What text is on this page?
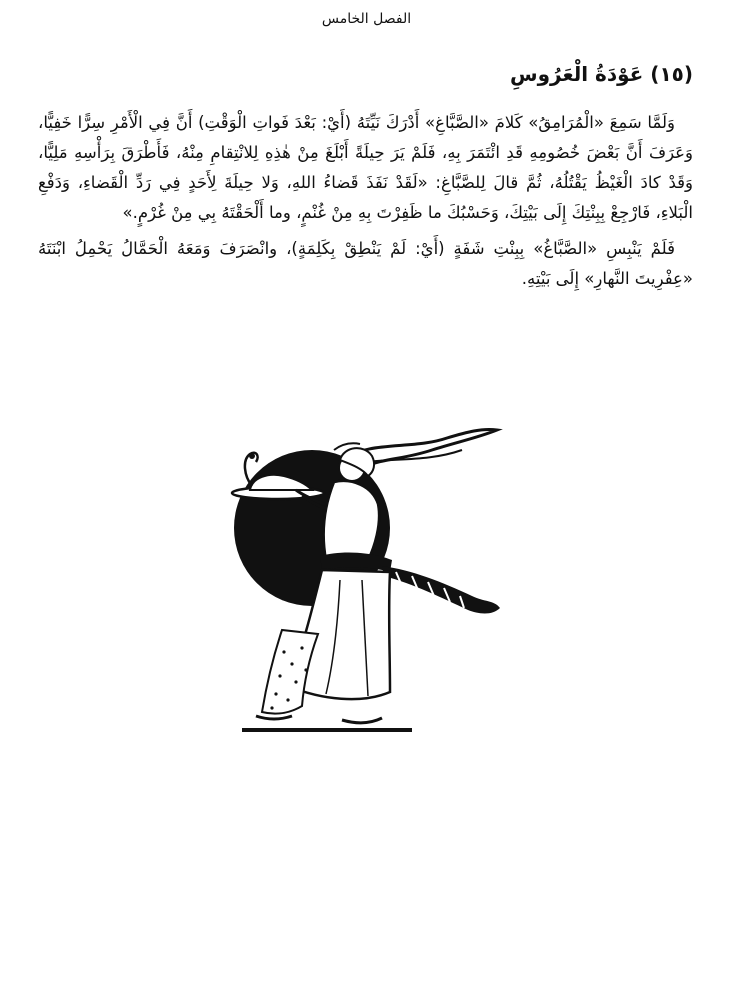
الفصل الخامس
(١٥) عَوْدَةُ الْعَرُوسِ

وَلَمَّا سَمِعَ «الْمُرَامِقُ» كَلامَ «الصَّبَّاغِ» أَدْرَكَ نَيِّتَهُ (أَيْ: بَعْدَ فَواتِ الْوَقْتِ) أَنَّ فِي الْأَمْرِ سِرًّا خَفِيًّا، وَعَرَفَ أَنَّ بَعْضَ خُصُومِهِ قَدِ ائْتَمَرَ بِهِ، فَلَمْ يَرَ حِيلَةً أَبْلَغَ مِنْ هٰذِهِ لِلانْتِقامِ مِنْهُ، فَأَطْرَقَ بِرَأْسِهِ مَلِيًّا، وَقَدْ كادَ الْغَيْظُ يَقْتُلُهُ، ثُمَّ قالَ لِلصَّبَّاغِ: «لَقَدْ نَفَذَ قَضاءُ اللهِ، وَلا حِيلَةَ لِأَحَدٍ فِي رَدِّ الْقَضاءِ، وَدَفْعِ الْبَلاءِ، فَارْجِعْ بِبِنْتِكَ إِلَى بَيْتِكَ، وَحَسْبُكَ ما ظَفِرْتَ بِهِ مِنْ غُنْمٍ، وما أَلْحَقْتَهُ بِي مِنْ غُرْمٍ.»

فَلَمْ يَنْبِسِ «الصَّبَّاغُ» بِبِنْتِ شَفَةٍ (أَيْ: لَمْ يَنْطِقْ بِكَلِمَةٍ)، وانْصَرَفَ وَمَعَهُ الْحَمَّالُ يَحْمِلُ ابْنَتَهُ «عِفْرِيتَ النَّهارِ» إِلَى بَيْتِهِ.
